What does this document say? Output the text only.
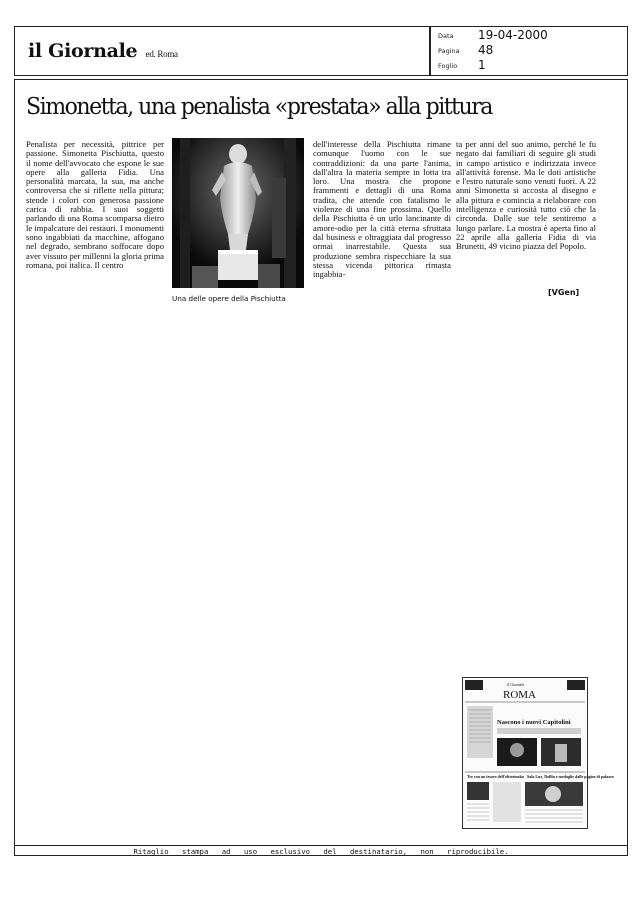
il Giornale ed. Roma
Data 19-04-2000
Pagina 48
Foglio 1
Simonetta, una penalista «prestata» alla pittura
Penalista per necessità, pittrice per passione. Simonetta Pischiutta, questo il nome dell'avvocato che espone le sue opere alla galleria Fidia. Una personalità marcata, la sua, ma anche controversa che si riflette nella pittura; stende i colori con generosa passione carica di rabbia. I suoi soggetti parlando di una Roma scomparsa dietro le impalcature dei restauri. I monumenti sono ingabbiati da macchine, affogano nel degrado, sembrano soffocare dopo aver vissuto per millenni la gloria prima romana, poi italica. Il centro
Una delle opere della Pischiutta
dell'interesse della Pischiutta rimane comunque l'uomo con le sue contraddizioni: da una parte l'anima, dall'altra la materia sempre in lotta tra loro. Una mostra che propone frammenti e dettagli di una Roma tradita, che attende con fatalismo le violenze di una fine prossima. Quello della Pischiutta è un urlo lancinante di amore-odio per la città eterna sfruttata dal business e oltraggiata dal progresso ormai inarrestabile. Questa sua produzione sembra rispecchiare la sua stessa vicenda pittorica rimasta ingabbia-
ta per anni del suo animo, perché le fu negato dai familiari di seguire gli studi in campo artistico e indirizzata invece all'attività forense. Ma le doti artistiche e l'estro naturale sono venuti fuori. A 22 anni Simonetta si accosta al disegno e alla pittura e comincia a rielaborare con intelligenza e curiosità tutto ciò che la circonda. Dalle sue tele sentiremo a lungo parlare. La mostra è aperta fino al 22 aprile alla galleria Fidia di via Brunetti, 49 vicino piazza del Popolo.
[VGen]
il Giornale
ROMA
Nascono i nuovi Capitolini
Tre con un tesoro dell'oltretomba Sala Lux, Dolfin e medaglie dalle pagine di palazzo
Ritaglio stampa ad uso esclusivo del destinatario, non riproducibile.
